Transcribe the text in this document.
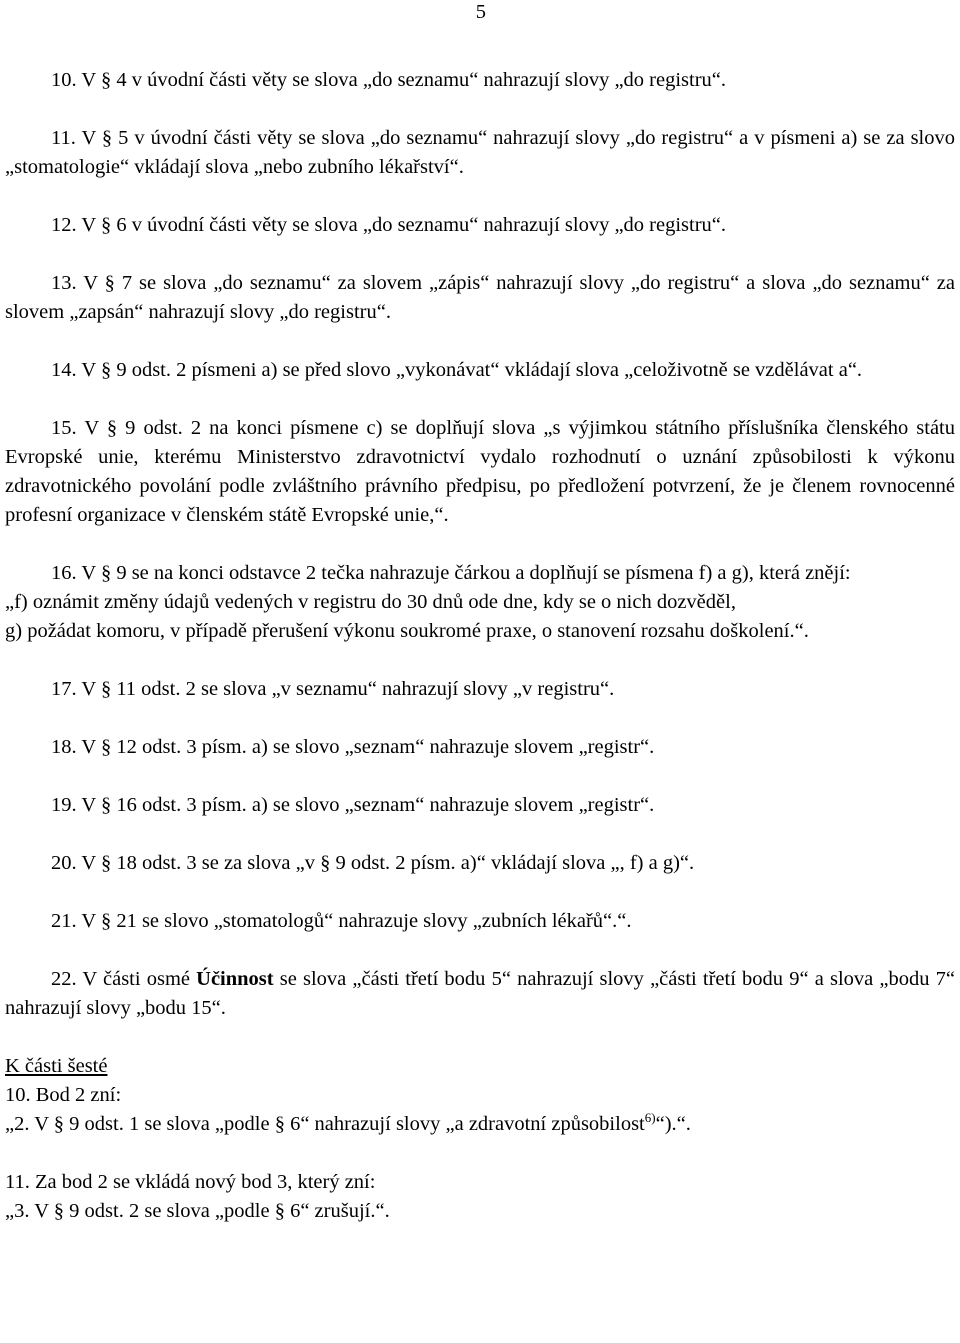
5

10. V § 4 v úvodní části věty se slova „do seznamu“ nahrazují slovy „do registru“.

11. V § 5 v úvodní části věty se slova „do seznamu“ nahrazují slovy „do registru“ a v písmeni a) se za slovo „stomatologie“ vkládají slova „nebo zubního lékařství“.

12. V § 6 v úvodní části věty se slova „do seznamu“ nahrazují slovy „do registru“.

13. V § 7 se slova „do seznamu“ za slovem „zápis“ nahrazují slovy „do registru“ a slova „do seznamu“ za slovem „zapsán“ nahrazují slovy „do registru“.

14. V § 9 odst. 2 písmeni a) se před slovo „vykonávat“ vkládají slova „celoživotně se vzdělávat a“.

15. V § 9 odst. 2 na konci písmene c) se doplňují slova „s výjimkou státního příslušníka členského státu Evropské unie, kterému Ministerstvo zdravotnictví vydalo rozhodnutí o uznání způsobilosti k výkonu zdravotnického povolání podle zvláštního právního předpisu, po předložení potvrzení, že je členem rovnocenné profesní organizace v členském státě Evropské unie,“.

16. V § 9 se na konci odstavce 2 tečka nahrazuje čárkou a doplňují se písmena f) a g), která znějí:

„f) oznámit změny údajů vedených v registru do 30 dnů ode dne, kdy se o nich dozvěděl,

g) požádat komoru, v případě přerušení výkonu soukromé praxe, o stanovení rozsahu doškolení.“.

17. V § 11 odst. 2 se slova „v seznamu“ nahrazují slovy „v registru“.

18. V § 12 odst. 3 písm. a) se slovo „seznam“ nahrazuje slovem „registr“.

19. V § 16 odst. 3 písm. a) se slovo „seznam“ nahrazuje slovem „registr“.

20. V § 18 odst. 3 se za slova „v § 9 odst. 2 písm. a)“ vkládají slova „, f) a g)“.

21. V § 21 se slovo „stomatologů“ nahrazuje slovy „zubních lékařů“.“.

22. V části osmé Účinnost se slova „části třetí bodu 5“ nahrazují slovy „části třetí bodu 9“ a slova „bodu 7“ nahrazují slovy „bodu 15“.

K části šesté

10. Bod 2 zní:

„2. V § 9 odst. 1 se slova „podle § 6“ nahrazují slovy „a zdravotní způsobilost$^{6)}$“).“.

11. Za bod 2 se vkládá nový bod 3, který zní:

„3. V § 9 odst. 2 se slova „podle § 6“ zrušují.“.
